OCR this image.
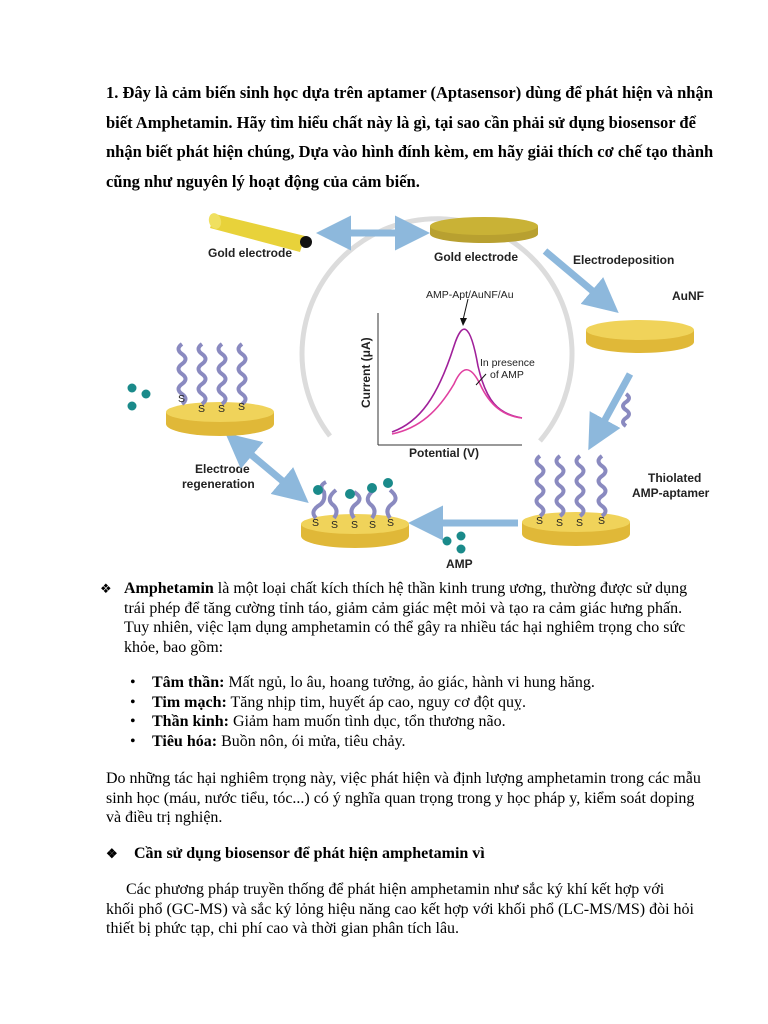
1. Đây là cảm biến sinh học dựa trên aptamer (Aptasensor) dùng để phát hiện và nhận
biết Amphetamin. Hãy tìm hiểu chất này là gì, tại sao cần phải sử dụng biosensor để
nhận biết phát hiện chúng, Dựa vào hình đính kèm, em hãy giải thích cơ chế tạo thành
cũng như nguyên lý hoạt động của cảm biến.
Gold electrode	Gold electrode	Electrodeposition
AuNF
Thiolated
AMP-aptamer
S S S S
AMP
S S S S S
Electrode
regeneration
S
S S S
AMP-Apt/AuNF/Au
In presence
of AMP
Current (μA)
Potential (V)
❖ Amphetamin là một loại chất kích thích hệ thần kinh trung ương, thường được sử dụng
trái phép để tăng cường tỉnh táo, giảm cảm giác mệt mỏi và tạo ra cảm giác hưng phấn.
Tuy nhiên, việc lạm dụng amphetamin có thể gây ra nhiều tác hại nghiêm trọng cho sức
khỏe, bao gồm:
• Tâm thần: Mất ngủ, lo âu, hoang tưởng, ảo giác, hành vi hung hăng.
• Tim mạch: Tăng nhịp tim, huyết áp cao, nguy cơ đột quỵ.
• Thần kinh: Giảm ham muốn tình dục, tổn thương não.
• Tiêu hóa: Buồn nôn, ói mửa, tiêu chảy.
Do những tác hại nghiêm trọng này, việc phát hiện và định lượng amphetamin trong các mẫu
sinh học (máu, nước tiểu, tóc...) có ý nghĩa quan trọng trong y học pháp y, kiểm soát doping
và điều trị nghiện.
❖ Cần sử dụng biosensor để phát hiện amphetamin vì
Các phương pháp truyền thống để phát hiện amphetamin như sắc ký khí kết hợp với
khối phổ (GC-MS) và sắc ký lỏng hiệu năng cao kết hợp với khối phổ (LC-MS/MS) đòi hỏi
thiết bị phức tạp, chi phí cao và thời gian phân tích lâu.
